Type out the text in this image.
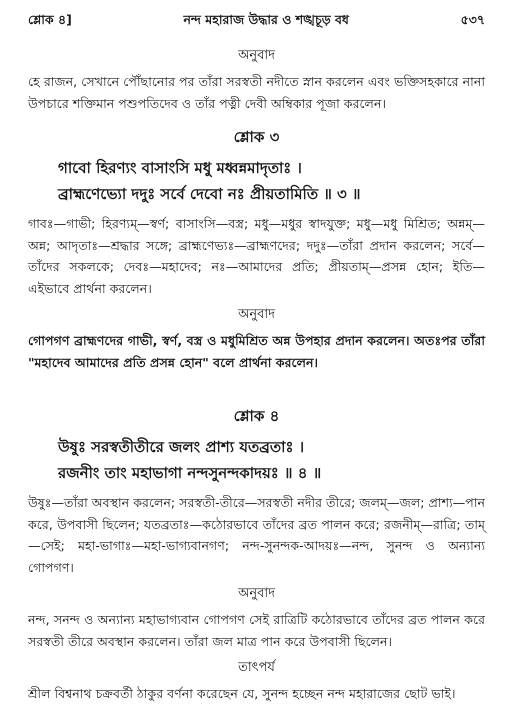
শ্লোক ৪]	নন্দ মহারাজ উদ্ধার ও শঙ্খচূড় বধ	৫৩৭
অনুবাদ

হে রাজন, সেখানে পৌঁছানোর পর তাঁরা সরস্বতী নদীতে স্নান করলেন এবং ভক্তিসহকারে নানা উপচারে শক্তিমান পশুপতিদেব ও তাঁর পত্নী দেবী অম্বিকার পূজা করলেন।

শ্লোক ৩
গাবো হিরণ্যং বাসাংসি মধু মধ্বন্নমাদৃতাঃ ।
ব্রাহ্মণেভ্যো দদুঃ সর্বে দেবো নঃ প্রীয়তামিতি ॥ ৩ ॥

গাবঃ—গাভী; হিরণ্যম্—স্বর্ণ; বাসাংসি—বস্ত্র; মধু—মধুর স্বাদযুক্ত; মধু—মধু মিশ্রিত; অন্নম্—অন্ন; আদৃতাঃ—শ্রদ্ধার সঙ্গে; ব্রাহ্মণেভ্যঃ—ব্রাহ্মণদের; দদুঃ—তাঁরা প্রদান করলেন; সর্বে—তাঁদের সকলকে; দেবঃ—মহাদেব; নঃ—আমাদের প্রতি; প্রীয়তাম্—প্রসন্ন হোন; ইতি—এইভাবে প্রার্থনা করলেন।

অনুবাদ

গোপগণ ব্রাহ্মণদের গাভী, স্বর্ণ, বস্ত্র ও মধুমিশ্রিত অন্ন উপহার প্রদান করলেন। অতঃপর তাঁরা "মহাদেব আমাদের প্রতি প্রসন্ন হোন" বলে প্রার্থনা করলেন।

শ্লোক ৪
উষুঃ সরস্বতীতীরে জলং প্রাশ্য যতব্রতাঃ ।
রজনীং তাং মহাভাগা নন্দসুনন্দকাদয়ঃ ॥ ৪ ॥

উষুঃ—তাঁরা অবস্থান করলেন; সরস্বতী-তীরে—সরস্বতী নদীর তীরে; জলম্—জল; প্রাশ্য—পান করে, উপবাসী ছিলেন; যতব্রতাঃ—কঠোরভাবে তাঁদের ব্রত পালন করে; রজনীম্—রাত্রি; তাম্—সেই; মহা-ভাগাঃ—মহা-ভাগ্যবানগণ; নন্দ-সুনন্দক-আদয়ঃ—নন্দ, সুনন্দ ও অন্যান্য গোপগণ।

অনুবাদ

নন্দ, সনন্দ ও অন্যান্য মহাভাগ্যবান গোপগণ সেই রাত্রিটি কঠোরভাবে তাঁদের ব্রত পালন করে সরস্বতী তীরে অবস্থান করলেন। তাঁরা জল মাত্র পান করে উপবাসী ছিলেন।

তাৎপর্য

শ্রীল বিশ্বনাথ চক্রবর্তী ঠাকুর বর্ণনা করেছেন যে, সুনন্দ হচ্ছেন নন্দ মহারাজের ছোট ভাই।
